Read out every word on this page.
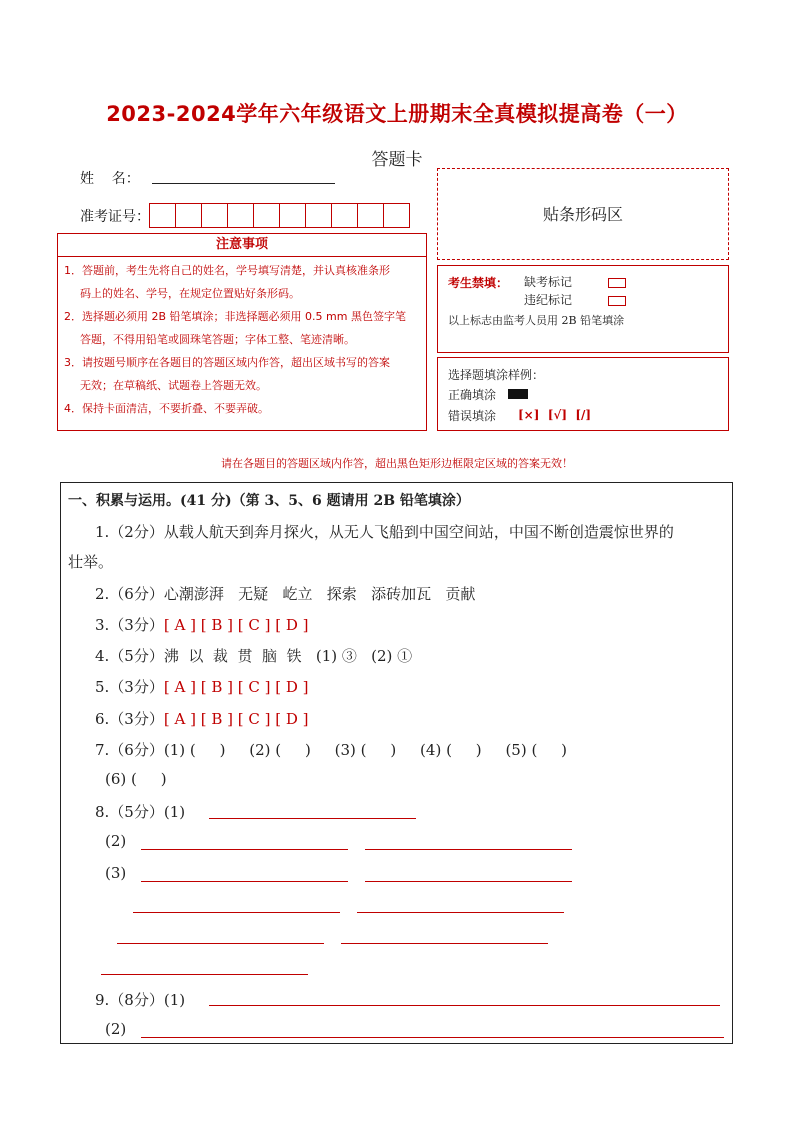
2023-2024学年六年级语文上册期末全真模拟提高卷（一）
答题卡
姓    名：
准考证号：	贴条形码区
注意事项
1．答题前，考生先将自己的姓名，学号填写清楚，并认真核准条形
码上的姓名、学号，在规定位置贴好条形码。
2．选择题必须用 2B 铅笔填涂；非选择题必须用 0.5 mm 黑色签字笔
答题，不得用铅笔或圆珠笔答题；字体工整、笔迹清晰。
3．请按题号顺序在各题目的答题区域内作答，超出区域书写的答案
无效；在草稿纸、试题卷上答题无效。
4．保持卡面清洁，不要折叠、不要弄破。
考生禁填： 缺考标记
违纪标记
以上标志由监考人员用 2B 铅笔填涂
选择题填涂样例：
正确填涂
错误填涂 [×]  [√]  [/]
请在各题目的答题区域内作答，超出黑色矩形边框限定区域的答案无效！
一、积累与运用。(41 分)（第 3、5、6 题请用 2B 铅笔填涂）
1.（2分）从载人航天到奔月探火，从无人飞船到中国空间站，中国不断创造震惊世界的
壮举。
2.（6分）心潮澎湃   无疑   屹立   探索   添砖加瓦   贡献
3.（3分）[ A ] [ B ] [ C ] [ D ]
4.（5分）沸  以  裁  贯  脑  铁   (1) ③   (2) ①
5.（3分）[ A ] [ B ] [ C ] [ D ]
6.（3分）[ A ] [ B ] [ C ] [ D ]
7.（6分）(1) (     )     (2) (     )     (3) (     )     (4) (     )     (5) (     )
(6) (     )
8.（5分）(1)
(2)
(3)
9.（8分）(1)
(2)
